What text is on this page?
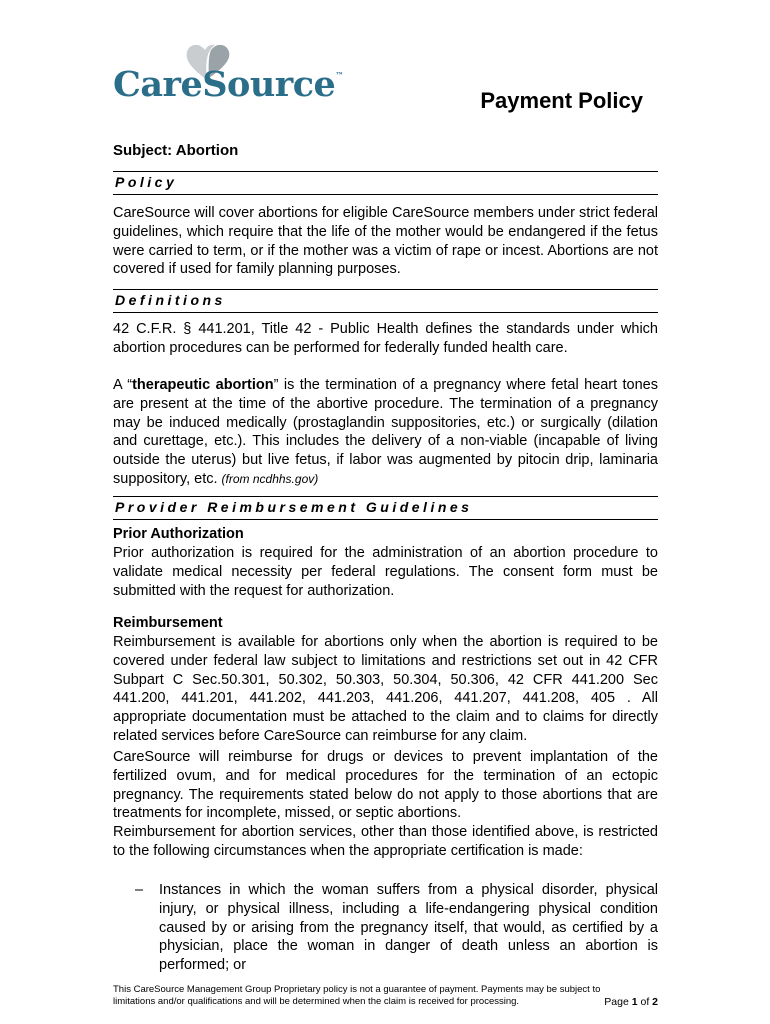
CareSource™
Payment Policy
Subject: Abortion
Policy

CareSource will cover abortions for eligible CareSource members under strict federal guidelines, which require that the life of the mother would be endangered if the fetus were carried to term, or if the mother was a victim of rape or incest. Abortions are not covered if used for family planning purposes.

Definitions

42 C.F.R. § 441.201, Title 42 - Public Health defines the standards under which abortion procedures can be performed for federally funded health care.

A “therapeutic abortion” is the termination of a pregnancy where fetal heart tones are present at the time of the abortive procedure. The termination of a pregnancy may be induced medically (prostaglandin suppositories, etc.) or surgically (dilation and curettage, etc.). This includes the delivery of a non-viable (incapable of living outside the uterus) but live fetus, if labor was augmented by pitocin drip, laminaria suppository, etc. (from ncdhhs.gov)

Provider Reimbursement Guidelines
Prior Authorization

Prior authorization is required for the administration of an abortion procedure to validate medical necessity per federal regulations. The consent form must be submitted with the request for authorization.

Reimbursement

Reimbursement is available for abortions only when the abortion is required to be covered under federal law subject to limitations and restrictions set out in 42 CFR Subpart C Sec.50.301, 50.302, 50.303, 50.304, 50.306, 42 CFR 441.200 Sec 441.200, 441.201, 441.202, 441.203, 441.206, 441.207, 441.208, 405 . All appropriate documentation must be attached to the claim and to claims for directly related services before CareSource can reimburse for any claim.

CareSource will reimburse for drugs or devices to prevent implantation of the fertilized ovum, and for medical procedures for the termination of an ectopic pregnancy. The requirements stated below do not apply to those abortions that are treatments for incomplete, missed, or septic abortions.

Reimbursement for abortion services, other than those identified above, is restricted to the following circumstances when the appropriate certification is made:

– Instances in which the woman suffers from a physical disorder, physical injury, or physical illness, including a life-endangering physical condition caused by or arising from the pregnancy itself, that would, as certified by a physician, place the woman in danger of death unless an abortion is performed; or

This CareSource Management Group Proprietary policy is not a guarantee of payment. Payments may be subject to
limitations and/or qualifications and will be determined when the claim is received for processing.	Page 1 of 2
